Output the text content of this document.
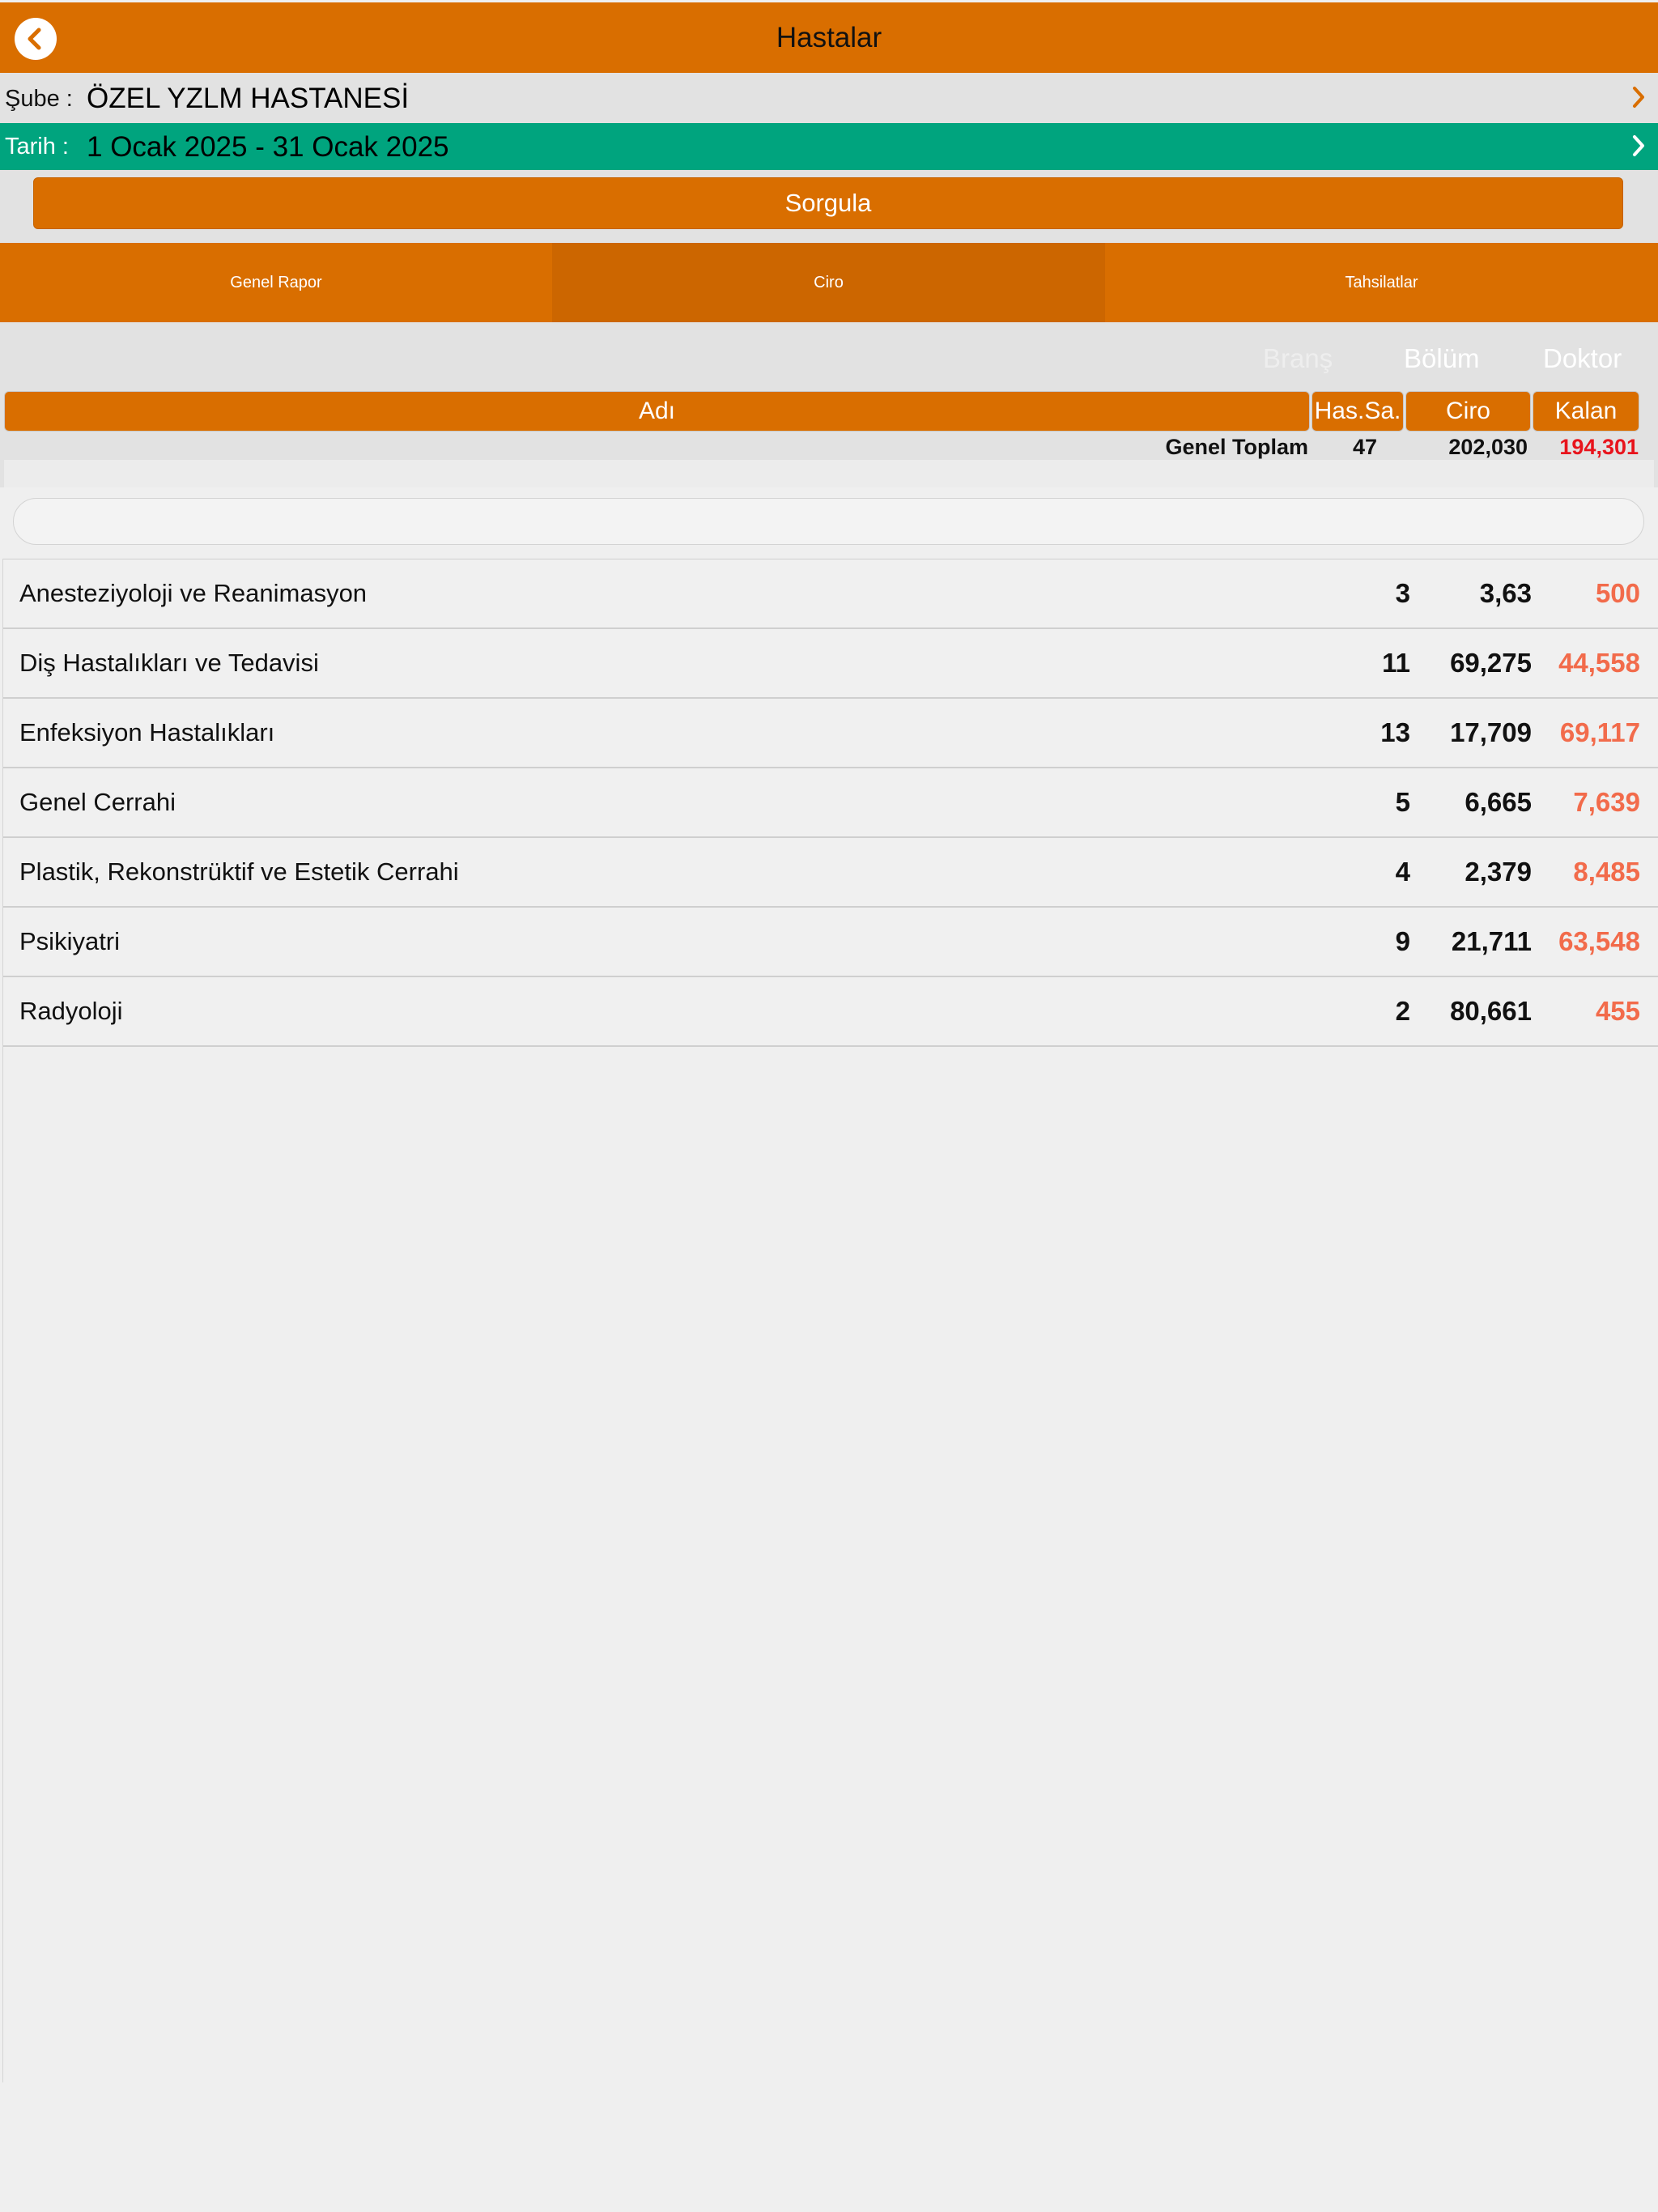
Hastalar
Şube : ÖZEL YZLM HASTANESİ
Tarih : 1 Ocak 2025 - 31 Ocak 2025
Sorgula
Genel Rapor	Ciro	Tahsilatlar
Branş	Bölüm Doktor
Adı	Has.Sa.	Ciro	Kalan
Genel Toplam	47	202,030 194,301
Anesteziyoloji ve Reanimasyon	3	3,63	500
Diş Hastalıkları ve Tedavisi	11	69,275	44,558
Enfeksiyon Hastalıkları	13	17,709	69,117
Genel Cerrahi	5	6,665	7,639
Plastik, Rekonstrüktif ve Estetik Cerrahi	4	2,379	8,485
Psikiyatri	9	21,711	63,548
Radyoloji	2	80,661	455
